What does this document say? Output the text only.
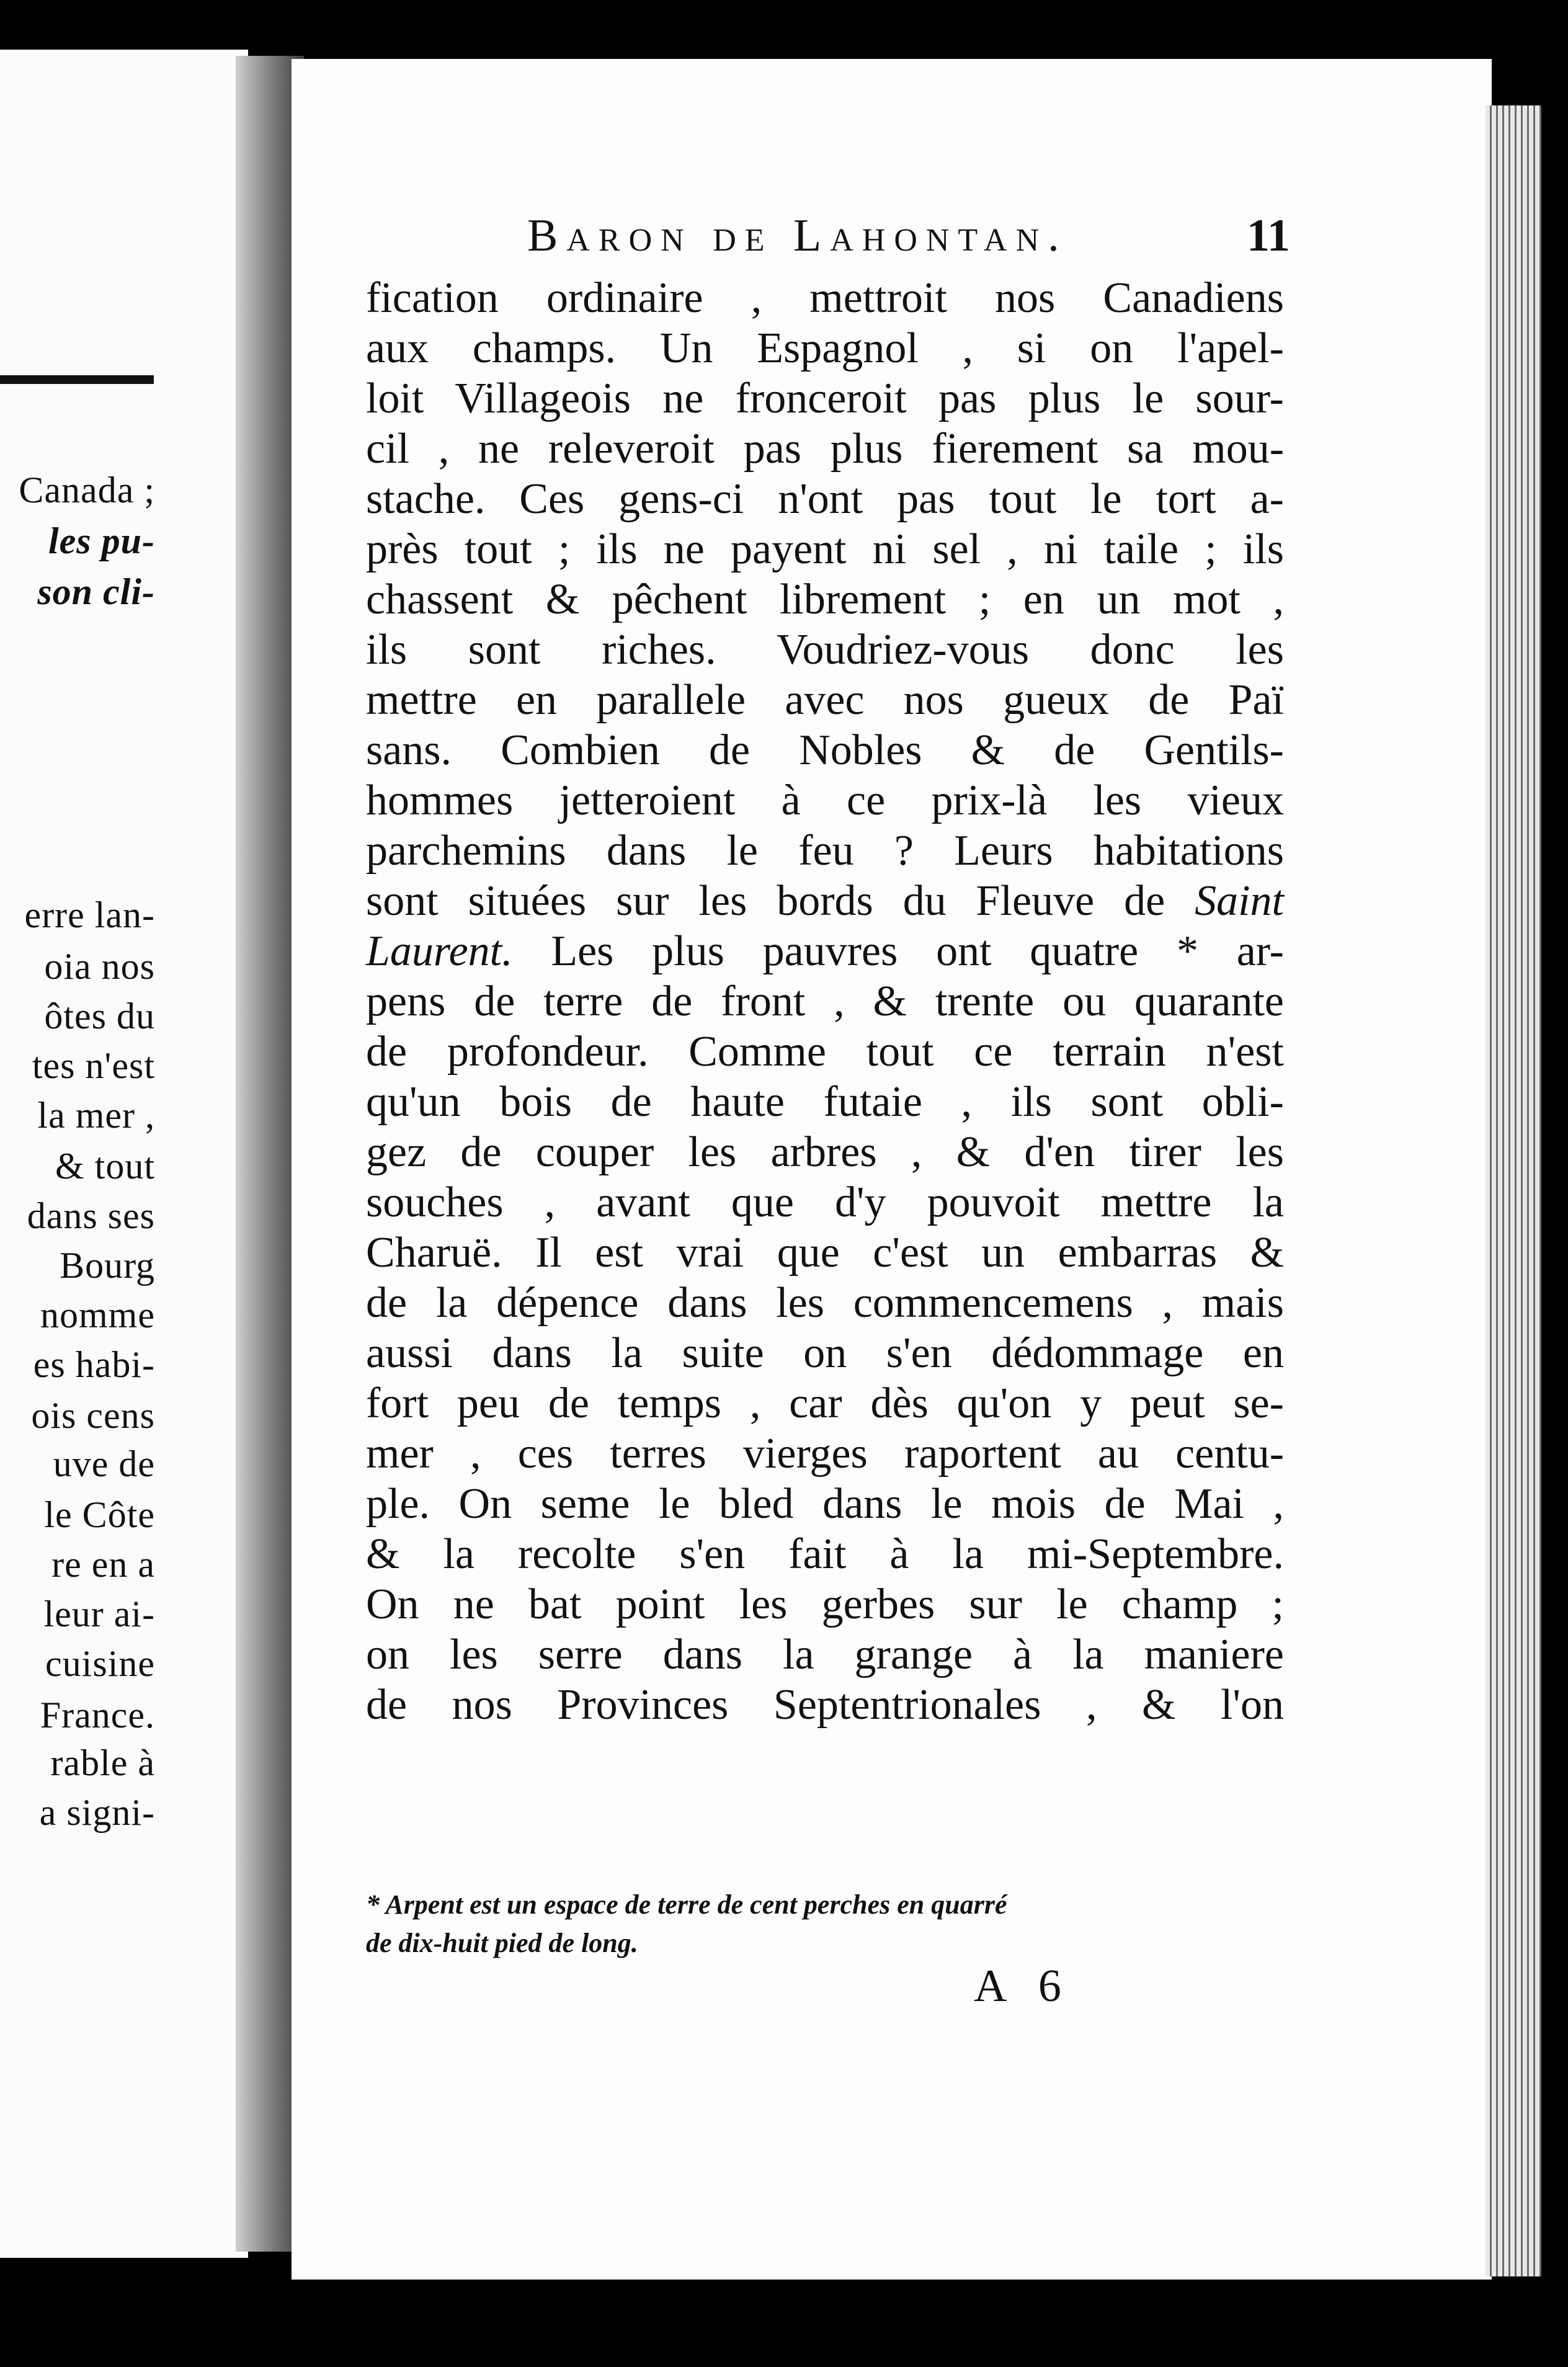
Canada ;
les pu-
son cli-
erre lan-
oia nos
ôtes du
tes n'est
la mer ,
& tout
dans ses
Bourg
nomme
es habi-
ois cens
uve de
le Côte
re en a
leur ai-
cuisine
France.
rable à
a signi-
Baron de Lahontan.	11
fication ordinaire , mettroit nos Canadiens
aux champs. Un Espagnol , si on l'apel-
loit Villageois ne fronceroit pas plus le sour-
cil , ne releveroit pas plus fierement sa mou-
stache. Ces gens-ci n'ont pas tout le tort a-
près tout ; ils ne payent ni sel , ni taile ; ils
chassent & pêchent librement ; en un mot ,
ils sont riches. Voudriez-vous donc les
mettre en parallele avec nos gueux de Paï
sans. Combien de Nobles & de Gentils-
hommes jetteroient à ce prix-là les vieux
parchemins dans le feu ? Leurs habitations
sont situées sur les bords du Fleuve de Saint
Laurent. Les plus pauvres ont quatre * ar-
pens de terre de front , & trente ou quarante
de profondeur. Comme tout ce terrain n'est
qu'un bois de haute futaie , ils sont obli-
gez de couper les arbres , & d'en tirer les
souches , avant que d'y pouvoit mettre la
Charuë. Il est vrai que c'est un embarras &
de la dépence dans les commencemens , mais
aussi dans la suite on s'en dédommage en
fort peu de temps , car dès qu'on y peut se-
mer , ces terres vierges raportent au centu-
ple. On seme le bled dans le mois de Mai ,
& la recolte s'en fait à la mi-Septembre.
On ne bat point les gerbes sur le champ ;
on les serre dans la grange à la maniere
de nos Provinces Septentrionales , & l'on
* Arpent est un espace de terre de cent perches en quarré
de dix-huit pied de long.
A 6
